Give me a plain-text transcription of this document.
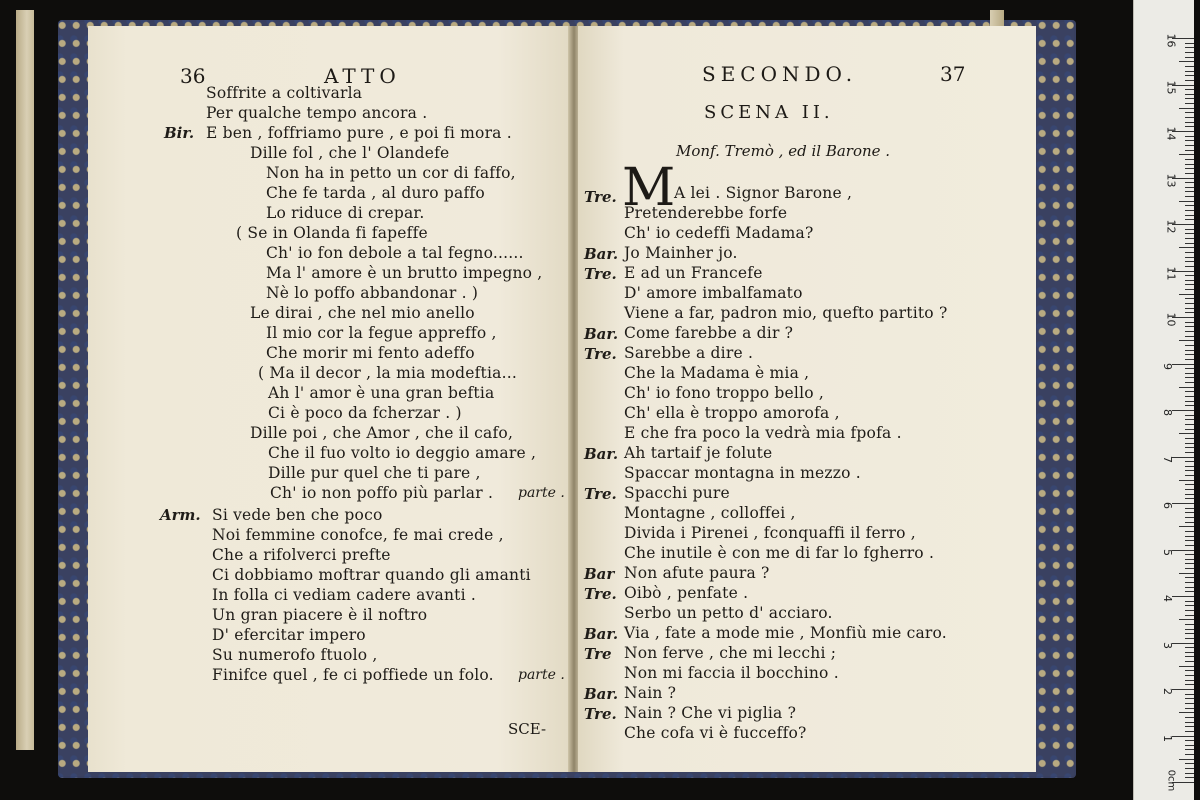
36	ATTO
Soffrite a coltivarla
Per qualche tempo ancora .
Bir. E ben , foffriamo pure , e poi fi mora .
Dille fol , che l' Olandefe
Non ha in petto un cor di faffo,
Che fe tarda , al duro paffo
Lo riduce di crepar.
( Se in Olanda fi fapeffe
Ch' io fon debole a tal fegno......
Ma l' amore è un brutto impegno ,
Nè lo poffo abbandonar . )
Le dirai , che nel mio anello
Il mio cor la fegue appreffo ,
Che morir mi fento adeffo
( Ma il decor , la mia modeftia...
Ah l' amor è una gran beftia
Ci è poco da fcherzar . )
Dille poi , che Amor , che il cafo,
Che il fuo volto io deggio amare ,
Dille pur quel che ti pare ,
Ch' io non poffo più parlar . parte .
Arm. Si vede ben che poco
Noi femmine conofce, fe mai crede ,
Che a rifolverci prefte
Ci dobbiamo moftrar quando gli amanti
In folla ci vediam cadere avanti .
Un gran piacere è il noftro
D' efercitar impero
Su numerofo ftuolo ,
Finifce quel , fe ci poffiede un folo. parte .
SCE-
SECONDO.	37
SCENA II.
Monf. Tremò , ed il Barone .
Tre. M
A lei . Signor Barone ,
Pretenderebbe forfe
Ch' io cedeffi Madama?
Bar. Jo Mainher jo.
Tre. E ad un Francefe
D' amore imbalfamato
Viene a far, padron mio, quefto partito ?
Bar. Come farebbe a dir ?
Tre. Sarebbe a dire .
Che la Madama è mia ,
Ch' io fono troppo bello ,
Ch' ella è troppo amorofa ,
E che fra poco la vedrà mia fpofa .
Bar. Ah tartaif je folute
Spaccar montagna in mezzo .
Tre. Spacchi pure
Montagne , colloffei ,
Divida i Pirenei , fconquaffi il ferro ,
Che inutile è con me di far lo fgherro .
Bar Non afute paura ?
Tre. Oibò , penfate .
Serbo un petto d' acciaro.
Bar. Via , fate a mode mie , Monfiù mie caro.
Tre Non ferve , che mi lecchi ;
Non mi faccia il bocchino .
Bar. Nain ?
Tre. Nain ? Che vi piglia ?
Che cofa vi è fucceffo?
16
15
14
13
12
11
10
9
8
7
6
5
4
3
2
1
0cm
